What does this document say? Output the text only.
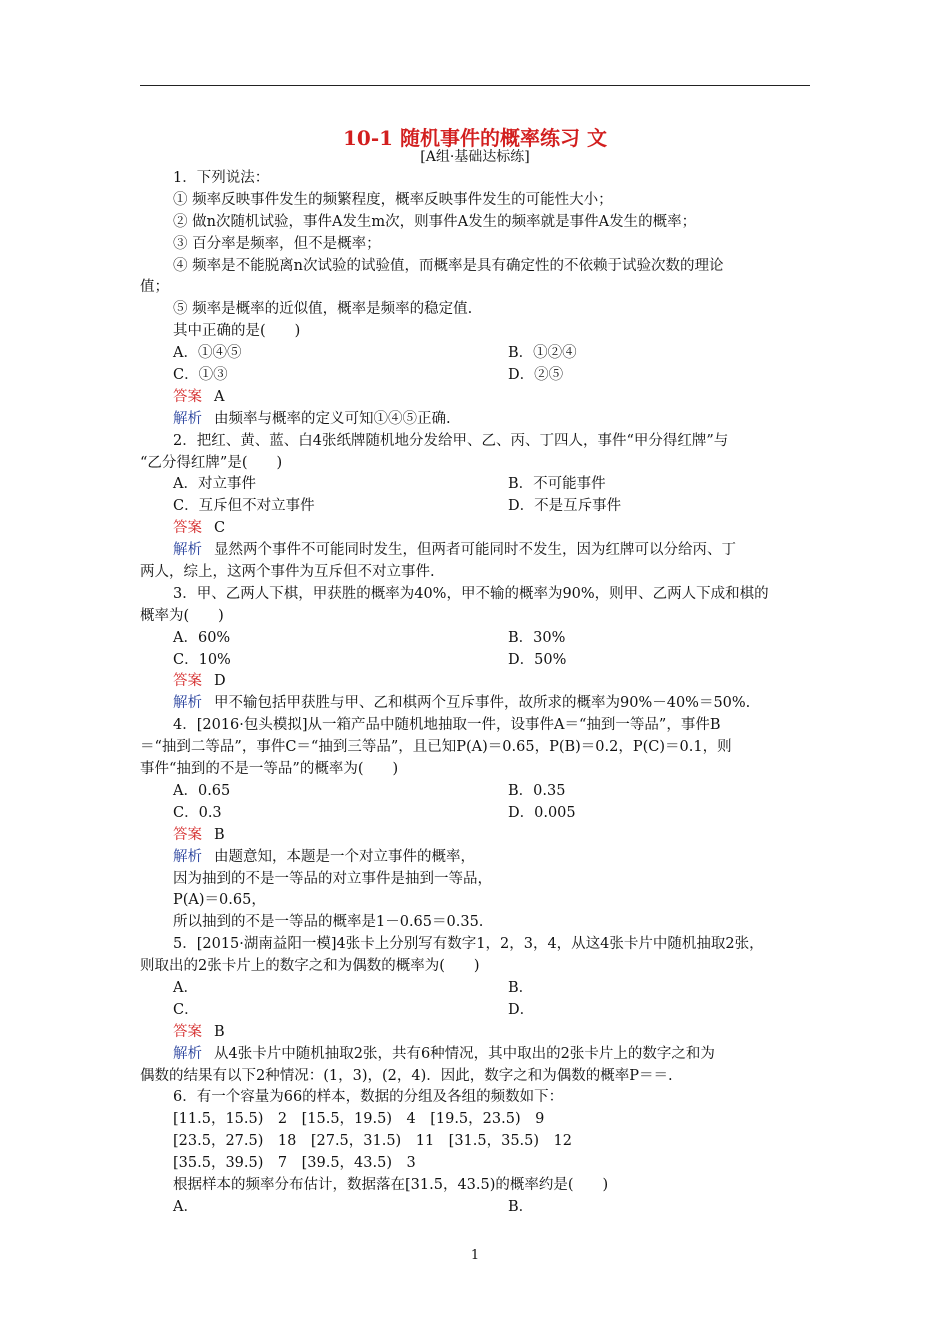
10-1 随机事件的概率练习 文
[A组·基础达标练]
1．下列说法：
① 频率反映事件发生的频繁程度，概率反映事件发生的可能性大小；
② 做n次随机试验，事件A发生m次，则事件A发生的频率就是事件A发生的概率；
③ 百分率是频率，但不是概率；
④ 频率是不能脱离n次试验的试验值，而概率是具有确定性的不依赖于试验次数的理论
值；
⑤ 频率是概率的近似值，概率是频率的稳定值.
其中正确的是(　　)
A．①④⑤	B．①②④
C．①③	D．②⑤
答案 A
解析 由频率与概率的定义可知①④⑤正确.
2．把红、黄、蓝、白4张纸牌随机地分发给甲、乙、丙、丁四人，事件“甲分得红牌”与
“乙分得红牌”是(　　)
A．对立事件	B．不可能事件
C．互斥但不对立事件	D．不是互斥事件
答案 C
解析 显然两个事件不可能同时发生，但两者可能同时不发生，因为红牌可以分给丙、丁
两人，综上，这两个事件为互斥但不对立事件.
3．甲、乙两人下棋，甲获胜的概率为40%，甲不输的概率为90%，则甲、乙两人下成和棋的
概率为(　　)
A．60%	B．30%
C．10%	D．50%
答案 D
解析 甲不输包括甲获胜与甲、乙和棋两个互斥事件，故所求的概率为90%－40%＝50%.
4．[2016·包头模拟]从一箱产品中随机地抽取一件，设事件A＝“抽到一等品”，事件B
＝“抽到二等品”，事件C＝“抽到三等品”，且已知P(A)＝0.65，P(B)＝0.2，P(C)＝0.1，则
事件“抽到的不是一等品”的概率为(　　)
A．0.65	B．0.35
C．0.3	D．0.005
答案 B
解析 由题意知，本题是一个对立事件的概率，
因为抽到的不是一等品的对立事件是抽到一等品，
P(A)＝0.65，
所以抽到的不是一等品的概率是1－0.65＝0.35.
5．[2015·湖南益阳一模]4张卡上分别写有数字1，2，3，4，从这4张卡片中随机抽取2张，
则取出的2张卡片上的数字之和为偶数的概率为(　　)
A．	B．
C．	D．
答案 B
解析 从4张卡片中随机抽取2张，共有6种情况，其中取出的2张卡片上的数字之和为
偶数的结果有以下2种情况：(1，3)，(2，4)．因此，数字之和为偶数的概率P＝＝.
6．有一个容量为66的样本，数据的分组及各组的频数如下：
[11.5，15.5)　2　[15.5，19.5)　4　[19.5，23.5)　9
[23.5，27.5)　18　[27.5，31.5)　11　[31.5，35.5)　12
[35.5，39.5)　7　[39.5，43.5)　3
根据样本的频率分布估计，数据落在[31.5，43.5)的概率约是(　　)
A．	B．
1
